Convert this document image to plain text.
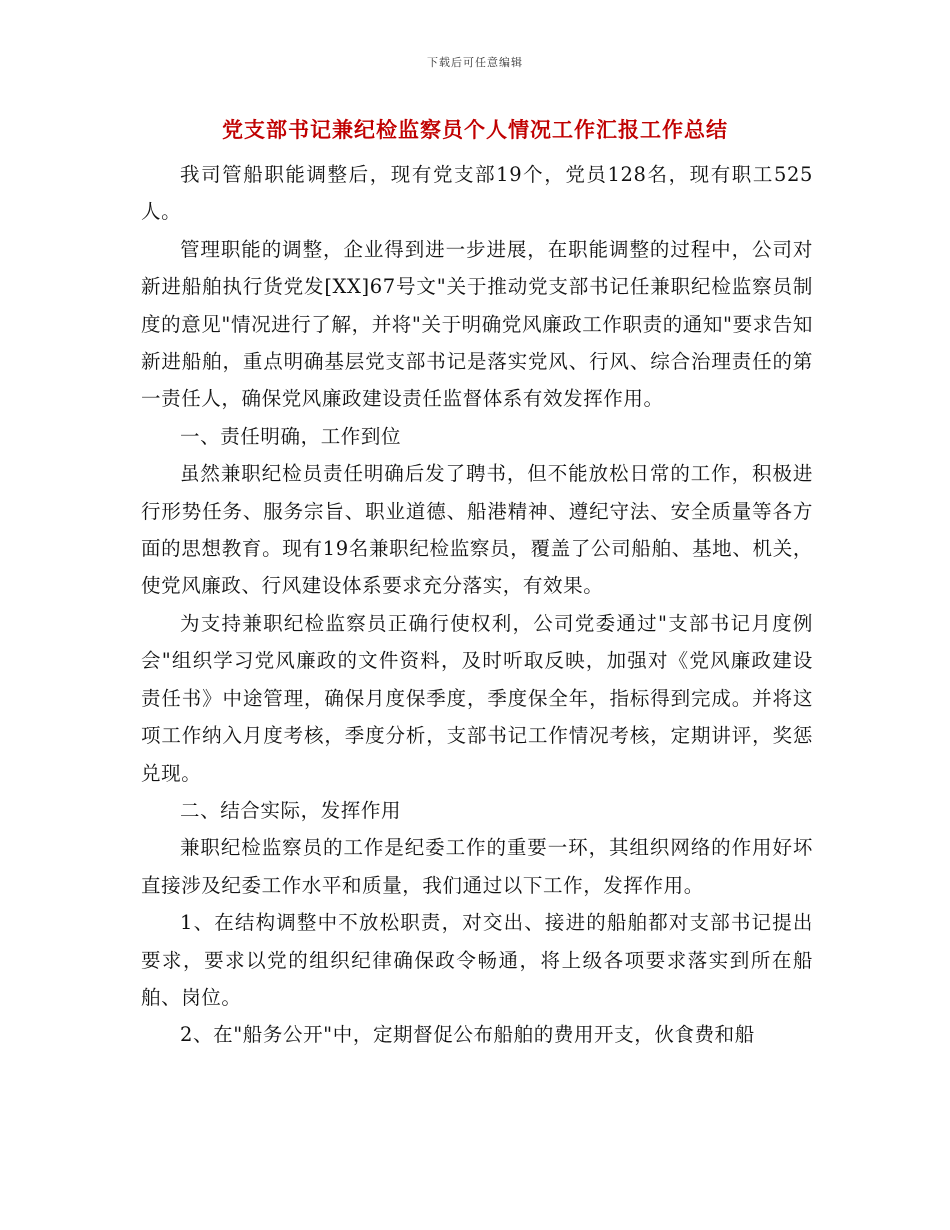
下载后可任意编辑
党支部书记兼纪检监察员个人情况工作汇报工作总结

我司管船职能调整后，现有党支部19个，党员128名，现有职工525人。

管理职能的调整，企业得到进一步进展，在职能调整的过程中，公司对新进船舶执行货党发[XX]67号文"关于推动党支部书记任兼职纪检监察员制度的意见"情况进行了解，并将"关于明确党风廉政工作职责的通知"要求告知新进船舶，重点明确基层党支部书记是落实党风、行风、综合治理责任的第一责任人，确保党风廉政建设责任监督体系有效发挥作用。

一、责任明确，工作到位

虽然兼职纪检员责任明确后发了聘书，但不能放松日常的工作，积极进行形势任务、服务宗旨、职业道德、船港精神、遵纪守法、安全质量等各方面的思想教育。现有19名兼职纪检监察员，覆盖了公司船舶、基地、机关，使党风廉政、行风建设体系要求充分落实，有效果。

为支持兼职纪检监察员正确行使权利，公司党委通过"支部书记月度例会"组织学习党风廉政的文件资料，及时听取反映，加强对《党风廉政建设责任书》中途管理，确保月度保季度，季度保全年，指标得到完成。并将这项工作纳入月度考核，季度分析，支部书记工作情况考核，定期讲评，奖惩兑现。

二、结合实际，发挥作用

兼职纪检监察员的工作是纪委工作的重要一环，其组织网络的作用好坏直接涉及纪委工作水平和质量，我们通过以下工作，发挥作用。

1、在结构调整中不放松职责，对交出、接进的船舶都对支部书记提出要求，要求以党的组织纪律确保政令畅通，将上级各项要求落实到所在船舶、岗位。

2、在"船务公开"中，定期督促公布船舶的费用开支，伙食费和船
